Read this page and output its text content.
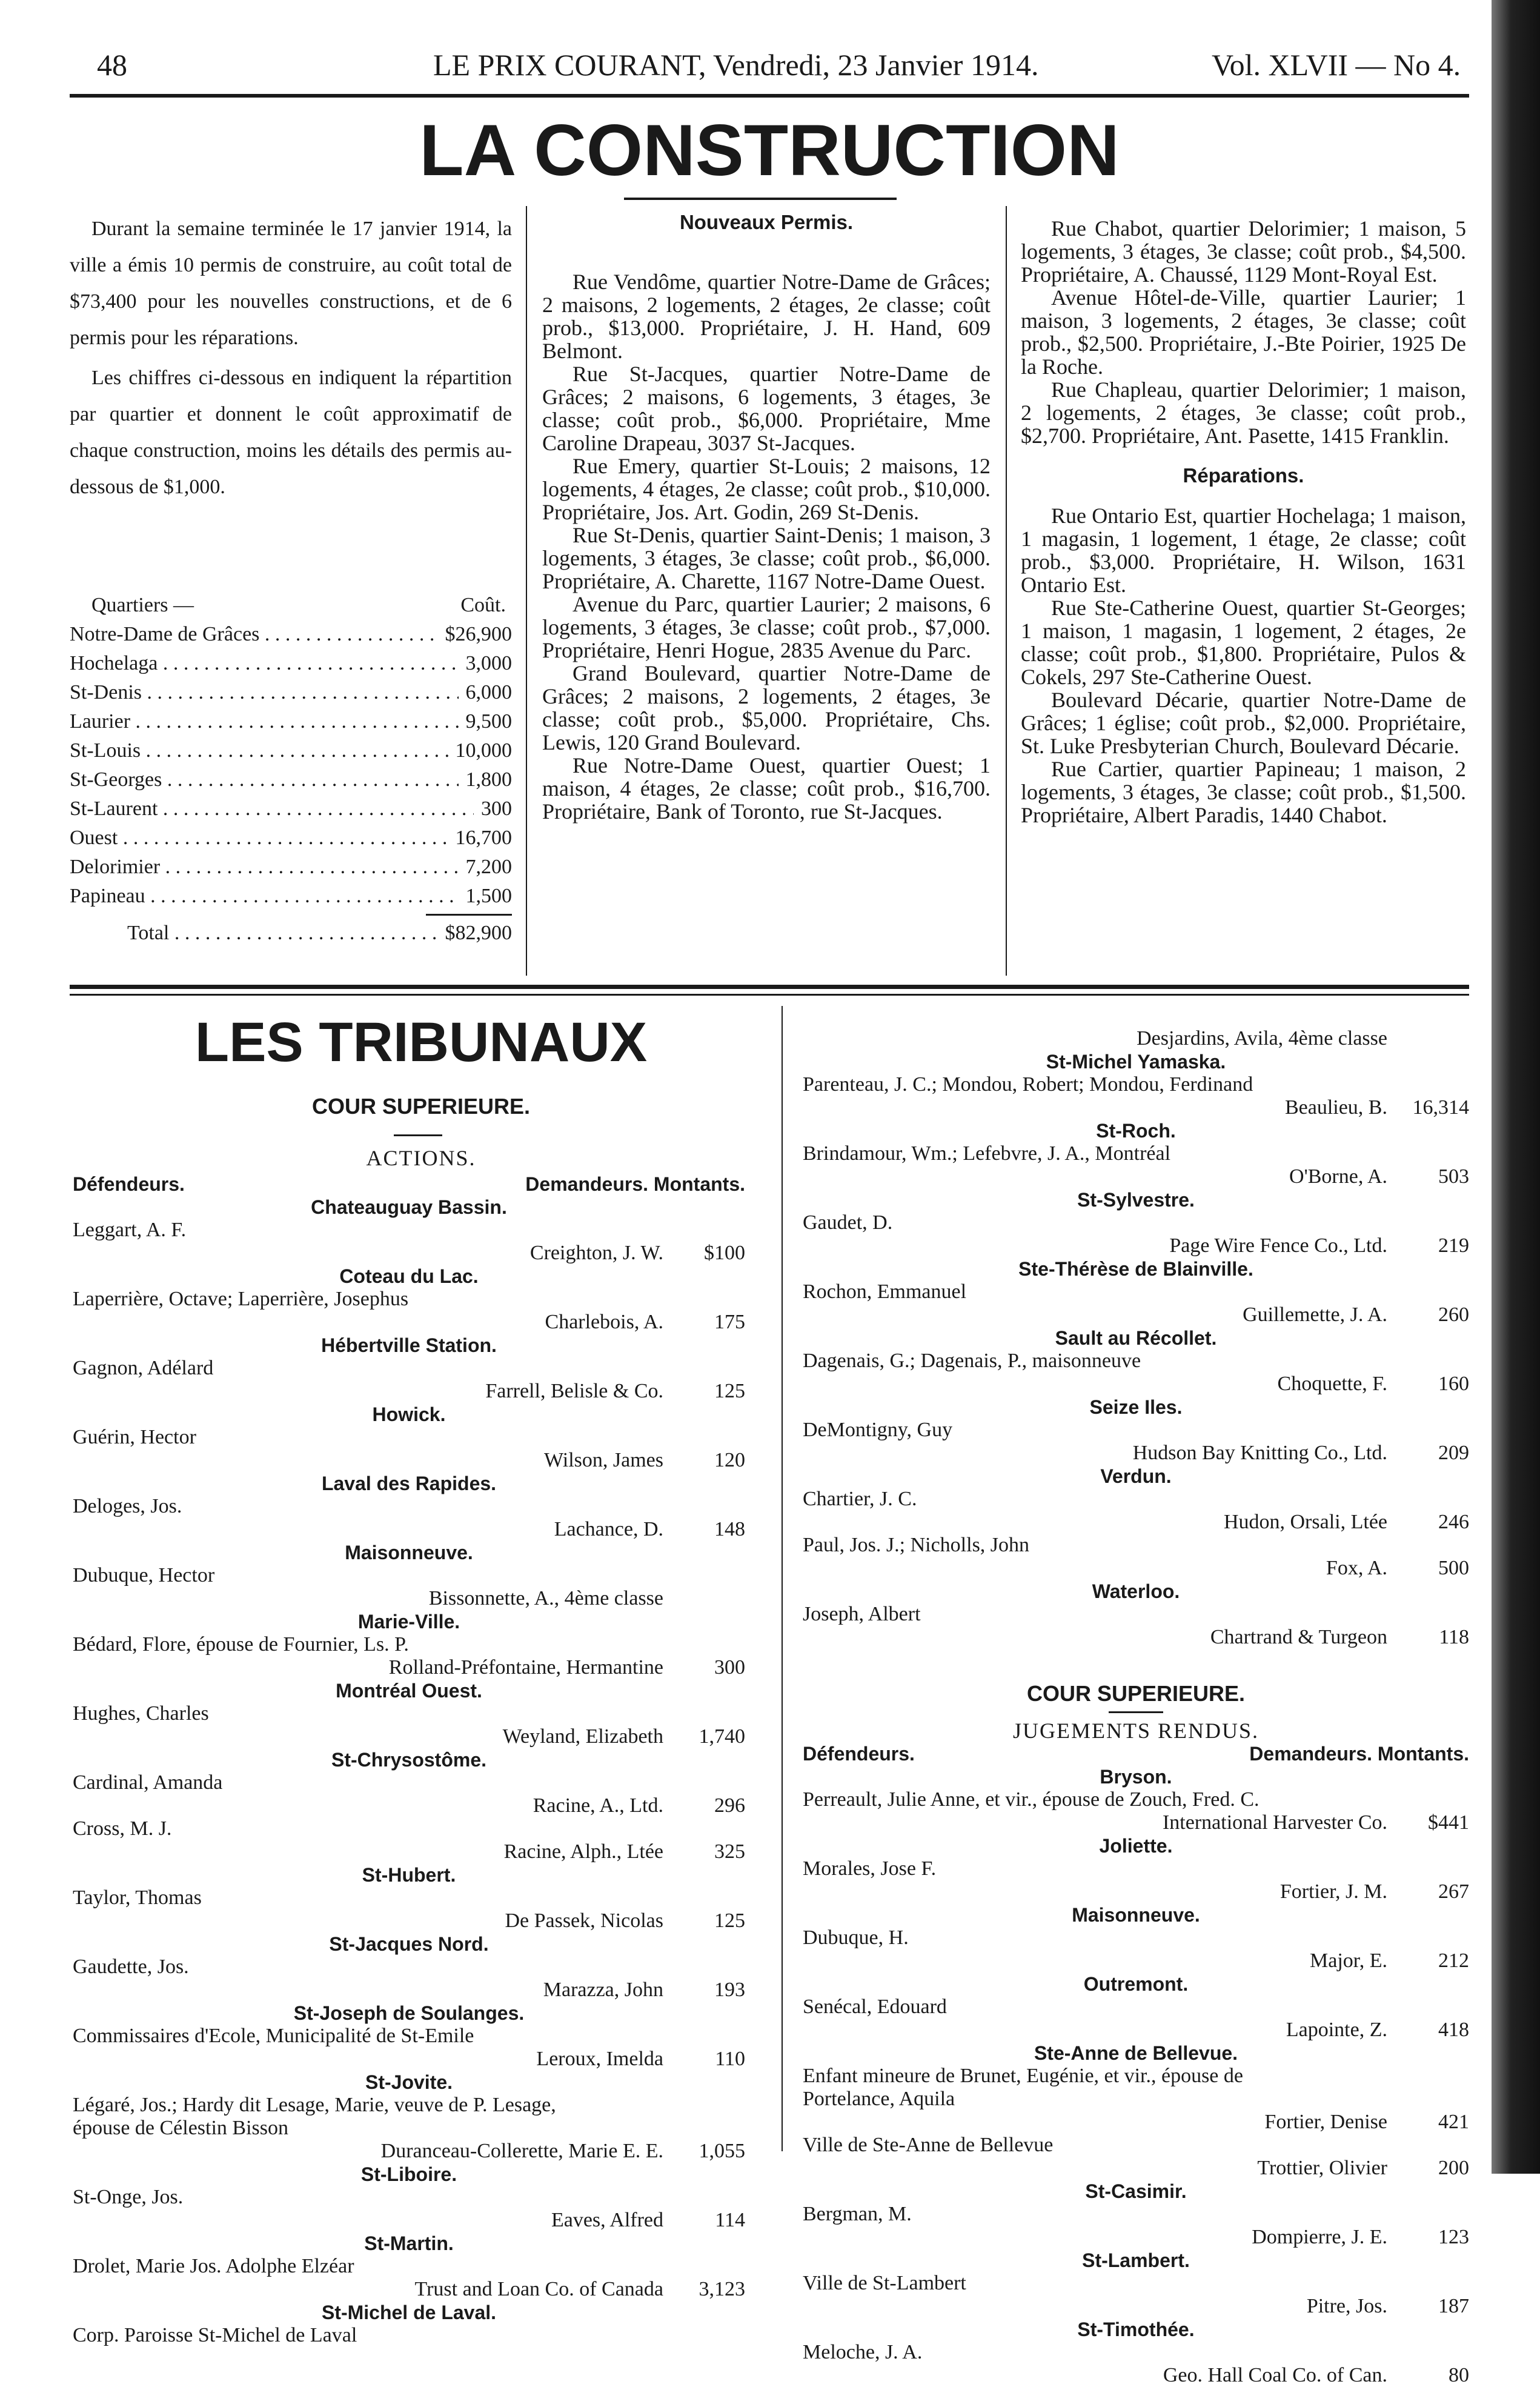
48	LE PRIX COURANT, Vendredi, 23 Janvier 1914.	Vol. XLVII — No 4.
LA CONSTRUCTION

Durant la semaine terminée le 17 janvier 1914, la ville a émis 10 permis de construire, au coût total de $73,400 pour les nouvelles constructions, et de 6 permis pour les réparations.

Les chiffres ci-dessous en indiquent la répartition par quartier et donnent le coût approximatif de chaque construction, moins les détails des permis au-dessous de $1,000.

Quartiers —	Coût.
Notre-Dame de Grâces . . .	$26,900
Hochelaga . . .	3,000
St-Denis . . .	6,000
Laurier . . .	9,500
St-Louis . . .	10,000
St-Georges . . .	1,800
St-Laurent . . .	300
Ouest . . .	16,700
Delorimier . . .	7,200
Papineau . . .	1,500
Total . . .	$82,900
Nouveaux Permis.

Rue Vendôme, quartier Notre-Dame de Grâces; 2 maisons, 2 logements, 2 étages, 2e classe; coût prob., $13,000. Propriétaire, J. H. Hand, 609 Belmont.

Rue St-Jacques, quartier Notre-Dame de Grâces; 2 maisons, 6 logements, 3 étages, 3e classe; coût prob., $6,000. Propriétaire, Mme Caroline Drapeau, 3037 St-Jacques.

Rue Emery, quartier St-Louis; 2 maisons, 12 logements, 4 étages, 2e classe; coût prob., $10,000. Propriétaire, Jos. Art. Godin, 269 St-Denis.

Rue St-Denis, quartier Saint-Denis; 1 maison, 3 logements, 3 étages, 3e classe; coût prob., $6,000. Propriétaire, A. Charette, 1167 Notre-Dame Ouest.

Avenue du Parc, quartier Laurier; 2 maisons, 6 logements, 3 étages, 3e classe; coût prob., $7,000. Propriétaire, Henri Hogue, 2835 Avenue du Parc.

Grand Boulevard, quartier Notre-Dame de Grâces; 2 maisons, 2 logements, 2 étages, 3e classe; coût prob., $5,000. Propriétaire, Chs. Lewis, 120 Grand Boulevard.

Rue Notre-Dame Ouest, quartier Ouest; 1 maison, 4 étages, 2e classe; coût prob., $16,700. Propriétaire, Bank of Toronto, rue St-Jacques.

Rue Chabot, quartier Delorimier; 1 maison, 5 logements, 3 étages, 3e classe; coût prob., $4,500. Propriétaire, A. Chaussé, 1129 Mont-Royal Est.

Avenue Hôtel-de-Ville, quartier Laurier; 1 maison, 3 logements, 2 étages, 3e classe; coût prob., $2,500. Propriétaire, J.-Bte Poirier, 1925 De la Roche.

Rue Chapleau, quartier Delorimier; 1 maison, 2 logements, 2 étages, 3e classe; coût prob., $2,700. Propriétaire, Ant. Pasette, 1415 Franklin.

Réparations.

Rue Ontario Est, quartier Hochelaga; 1 maison, 1 magasin, 1 logement, 1 étage, 2e classe; coût prob., $3,000. Propriétaire, H. Wilson, 1631 Ontario Est.

Rue Ste-Catherine Ouest, quartier St-Georges; 1 maison, 1 magasin, 1 logement, 2 étages, 2e classe; coût prob., $1,800. Propriétaire, Pulos & Cokels, 297 Ste-Catherine Ouest.

Boulevard Décarie, quartier Notre-Dame de Grâces; 1 église; coût prob., $2,000. Propriétaire, St. Luke Presbyterian Church, Boulevard Décarie.

Rue Cartier, quartier Papineau; 1 maison, 2 logements, 3 étages, 3e classe; coût prob., $1,500. Propriétaire, Albert Paradis, 1440 Chabot.

LES TRIBUNAUX
COUR SUPERIEURE.
ACTIONS.
Défendeurs.	Demandeurs. Montants.
Chateauguay Bassin.
Leggart, A. F.
Creighton, J. W.	$100
Coteau du Lac.
Laperrière, Octave; Laperrière, Josephus
Charlebois, A.	175
Hébertville Station.
Gagnon, Adélard
Farrell, Belisle & Co.	125
Howick.
Guérin, Hector
Wilson, James	120
Laval des Rapides.
Deloges, Jos.
Lachance, D.	148
Maisonneuve.
Dubuque, Hector
Bissonnette, A., 4ème classe
Marie-Ville.
Bédard, Flore, épouse de Fournier, Ls. P.
Rolland-Préfontaine, Hermantine	300
Montréal Ouest.
Hughes, Charles
Weyland, Elizabeth	1,740
St-Chrysostôme.
Cardinal, Amanda
Racine, A., Ltd.	296
Cross, M. J.
Racine, Alph., Ltée	325
St-Hubert.
Taylor, Thomas
De Passek, Nicolas	125
St-Jacques Nord.
Gaudette, Jos.
Marazza, John	193
St-Joseph de Soulanges.
Commissaires d'Ecole, Municipalité de St-Emile
Leroux, Imelda	110
St-Jovite.
Légaré, Jos.; Hardy dit Lesage, Marie, veuve de P. Lesage, épouse de Célestin Bisson
Duranceau-Collerette, Marie E. E.	1,055
St-Liboire.
St-Onge, Jos.
Eaves, Alfred	114
St-Martin.
Drolet, Marie Jos. Adolphe Elzéar
Trust and Loan Co. of Canada	3,123
St-Michel de Laval.
Corp. Paroisse St-Michel de Laval
Desjardins, Avila, 4ème classe
St-Michel Yamaska.
Parenteau, J. C.; Mondou, Robert; Mondou, Ferdinand
Beaulieu, B.	16,314
St-Roch.
Brindamour, Wm.; Lefebvre, J. A., Montréal
O'Borne, A.	503
St-Sylvestre.
Gaudet, D.
Page Wire Fence Co., Ltd.	219
Ste-Thérèse de Blainville.
Rochon, Emmanuel
Guillemette, J. A.	260
Sault au Récollet.
Dagenais, G.; Dagenais, P., maisonneuve
Choquette, F.	160
Seize Iles.
DeMontigny, Guy
Hudson Bay Knitting Co., Ltd.	209
Verdun.
Chartier, J. C.
Hudon, Orsali, Ltée	246
Paul, Jos. J.; Nicholls, John
Fox, A.	500
Waterloo.
Joseph, Albert
Chartrand & Turgeon	118
COUR SUPERIEURE.
JUGEMENTS RENDUS.
Défendeurs.	Demandeurs. Montants.
Bryson.
Perreault, Julie Anne, et vir., épouse de Zouch, Fred. C.
International Harvester Co.	$441
Joliette.
Morales, Jose F.
Fortier, J. M.	267
Maisonneuve.
Dubuque, H.
Major, E.	212
Outremont.
Senécal, Edouard
Lapointe, Z.	418
Ste-Anne de Bellevue.
Enfant mineure de Brunet, Eugénie, et vir., épouse de Portelance, Aquila
Fortier, Denise	421
Ville de Ste-Anne de Bellevue
Trottier, Olivier	200
St-Casimir.
Bergman, M.
Dompierre, J. E.	123
St-Lambert.
Ville de St-Lambert
Pitre, Jos.	187
St-Timothée.
Meloche, J. A.
Geo. Hall Coal Co. of Can.	80
